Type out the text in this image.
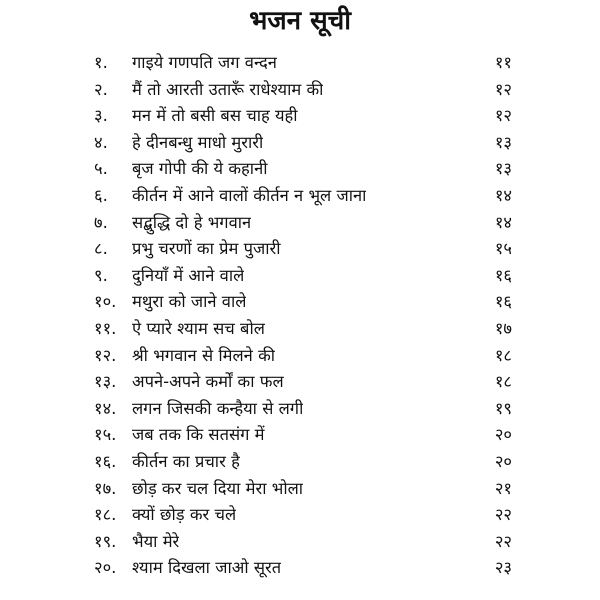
भजन सूची
१.	गाइये गणपति जग वन्दन	११
२.	मैं तो आरती उतारूँ राधेश्याम की	१२
३.	मन में तो बसी बस चाह यही	१२
४.	हे दीनबन्धु माधो मुरारी	१३
५.	बृज गोपी की ये कहानी	१३
६.	कीर्तन में आने वालों कीर्तन न भूल जाना	१४
७.	सद्बुद्धि दो हे भगवान	१४
८.	प्रभु चरणों का प्रेम पुजारी	१५
९.	दुनियाँ में आने वाले	१६
१०. मथुरा को जाने वाले	१६
११. ऐ प्यारे श्याम सच बोल	१७
१२. श्री भगवान से मिलने की	१८
१३. अपने-अपने कर्मों का फल	१८
१४. लगन जिसकी कन्हैया से लगी	१९
१५. जब तक कि सतसंग में	२०
१६. कीर्तन का प्रचार है	२०
१७. छोड़ कर चल दिया मेरा भोला	२१
१८. क्यों छोड़ कर चले	२२
१९. भैया मेरे	२२
२०. श्याम दिखला जाओ सूरत	२३
